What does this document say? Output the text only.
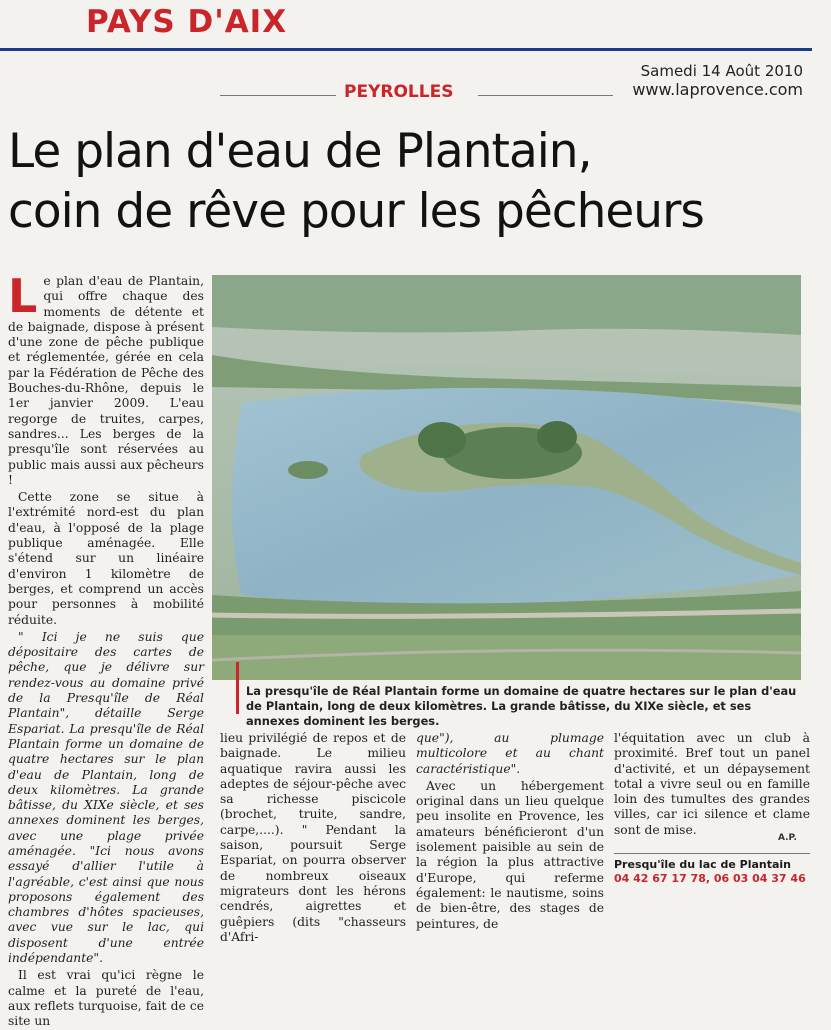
PAYS D'AIX
Samedi 14 Août 2010
www.laprovence.com
PEYROLLES
Le plan d'eau de Plantain,
coin de rêve pour les pêcheurs
L e plan d'eau de Plantain, qui offre chaque des moments de détente et de baignade, dispose à présent d'une zone de pêche publique et réglementée, gérée en cela par la Fédération de Pêche des Bouches-du-Rhône, depuis le 1er janvier 2009. L'eau regorge de truites, carpes, sandres... Les berges de la presqu'île sont réservées au public mais aussi aux pêcheurs !

Cette zone se situe à l'extrémité nord-est du plan d'eau, à l'opposé de la plage publique aménagée. Elle s'étend sur un linéaire d'environ 1 kilomètre de berges, et comprend un accès pour personnes à mobilité réduite.

" Ici je ne suis que dépositaire des cartes de pêche, que je délivre sur rendez-vous au domaine privé de la Presqu'île de Réal Plantain", détaille Serge Espariat. La presqu'île de Réal Plantain forme un domaine de quatre hectares sur le plan d'eau de Plantain, long de deux kilomètres. La grande bâtisse, du XIXe siècle, et ses annexes dominent les berges, avec une plage privée aménagée. "Ici nous avons essayé d'allier l'utile à l'agréable, c'est ainsi que nous proposons également des chambres d'hôtes spacieuses, avec vue sur le lac, qui disposent d'une entrée indépendante".

Il est vrai qu'ici règne le calme et la pureté de l'eau, aux reflets turquoise, fait de ce site un

La presqu'île de Réal Plantain forme un domaine de quatre hectares sur le plan d'eau de Plantain, long de deux kilomètres. La grande bâtisse, du XIXe siècle, et ses annexes dominent les berges.

lieu privilégié de repos et de baignade. Le milieu aquatique ravira aussi les adeptes de séjour-pêche avec sa richesse piscicole (brochet, truite, sandre, carpe,....). " Pendant la saison, poursuit Serge Espariat, on pourra observer de nombreux oiseaux migrateurs dont les hérons cendrés, aigrettes et guêpiers (dits "chasseurs d'Afri-

que"), au plumage multicolore et au chant caractéristique".

Avec un hébergement original dans un lieu quelque peu insolite en Provence, les amateurs bénéficieront d'un isolement paisible au sein de la région la plus attractive d'Europe, qui referme également: le nautisme, soins de bien-être, des stages de peintures, de

l'équitation avec un club à proximité. Bref tout un panel d'activité, et un dépaysement total a vivre seul ou en famille loin des tumultes des grandes villes, car ici silence et clame sont de mise.

A.P.
Presqu'île du lac de Plantain
04 42 67 17 78, 06 03 04 37 46
